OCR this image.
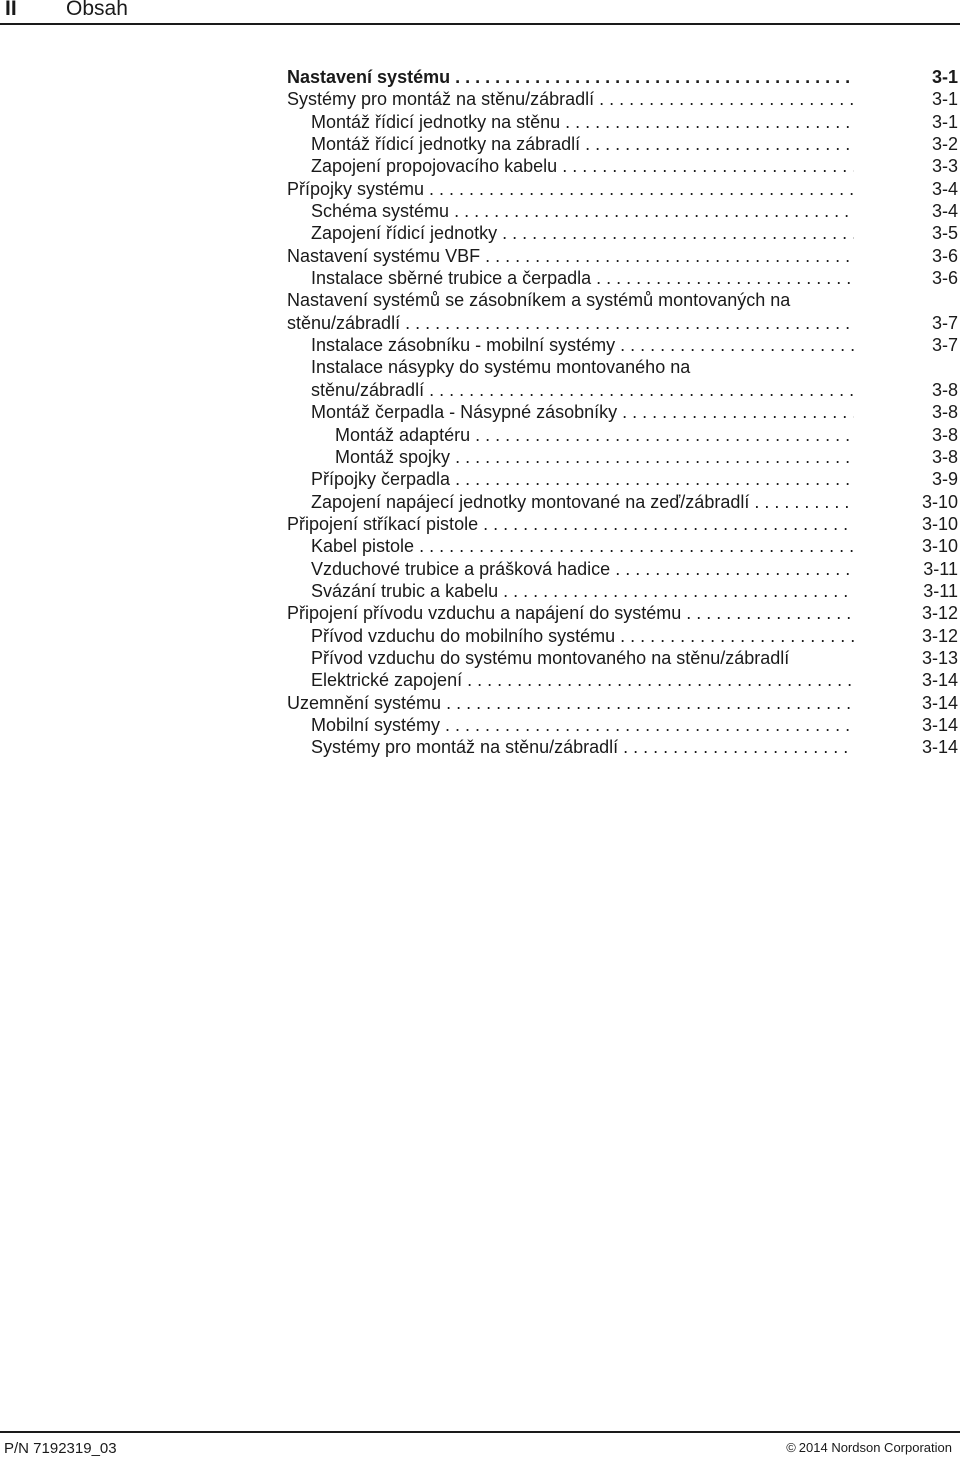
II Obsah
Nastavení systému . . .	3-1
Systémy pro montáž na stěnu/zábradlí . . .	3-1
Montáž řídicí jednotky na stěnu . . .	3-1
Montáž řídicí jednotky na zábradlí . . .	3-2
Zapojení propojovacího kabelu . . .	3-3
Přípojky systému . . .	3-4
Schéma systému . . .	3-4
Zapojení řídicí jednotky . . .	3-5
Nastavení systému VBF . . .	3-6
Instalace sběrné trubice a čerpadla . . .	3-6
Nastavení systémů se zásobníkem a systémů montovaných na
stěnu/zábradlí . . .	3-7
Instalace zásobníku - mobilní systémy . . .	3-7
Instalace násypky do systému montovaného na
stěnu/zábradlí . . .	3-8
Montáž čerpadla - Násypné zásobníky . . .	3-8
Montáž adaptéru . . .	3-8
Montáž spojky . . .	3-8
Přípojky čerpadla . . .	3-9
Zapojení napájecí jednotky montované na zeď/zábradlí . . .	3-10
Připojení stříkací pistole . . .	3-10
Kabel pistole . . .	3-10
Vzduchové trubice a prášková hadice . . .	3-11
Svázání trubic a kabelu . . .	3-11
Připojení přívodu vzduchu a napájení do systému . . .	3-12
Přívod vzduchu do mobilního systému . . .	3-12
Přívod vzduchu do systému montovaného na stěnu/zábradlí	3-13
Elektrické zapojení . . .	3-14
Uzemnění systému . . .	3-14
Mobilní systémy . . .	3-14
Systémy pro montáž na stěnu/zábradlí . . .	3-14
P/N 7192319_03	© 2014 Nordson Corporation
